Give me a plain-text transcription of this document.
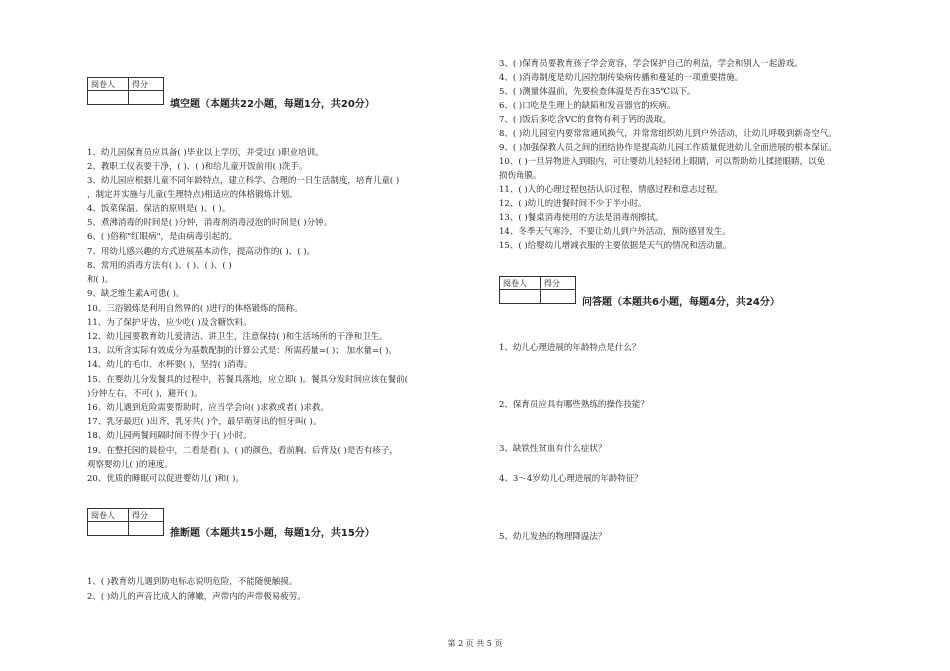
阅卷人	得分

填空题（本题共22小题，每题1分，共20分）
1、幼儿园保育员应具备( )毕业以上学历，并受过( )职业培训。
2、教职工仪表要干净，( )、( )和给儿童开饭前用( )洗手。
3、幼儿园应根据儿童不同年龄特点，建立科学、合理的一日生活制度，培育儿童( )
，制定并实施与儿童(生理特点)相适应的体格锻炼计划。
4、饭菜保温、保洁的原则是( )、( )。
5、煮沸消毒的时间是( )分钟，消毒剂消毒浸泡的时间是( )分钟。
6、( )俗称"红眼病"，是由病毒引起的。
7、用幼儿感兴趣的方式进展基本动作，提高动作的( )、( )。
8、常用的消毒方法有( )、( )、( )、( )
和( )。
9、缺乏维生素A可患( )。
10、三浴锻炼是利用自然界的( )进行的体格锻炼的简称。
11、为了保护牙齿，应少吃( )及含糖饮料。
12、幼儿园要教育幼儿爱清洁、讲卫生，注意保持( )和生活场所的干净和卫生。
13、以所含实际有效成分为基数配制的计算公式是：所需药量=( )； 加水量=( )。
14、幼儿的毛巾、水杯要( )，坚持( )消毒。
15、在婴幼儿分发餐具的过程中，若餐具落地，应立即( )。餐具分发时间应该在餐前(
)分钟左右，不可( )，避开( )。
16、幼儿遇到危险需要帮助时，应当学会向( )求救或者( )求救。
17、乳牙最迟( )出齐，乳牙共( )个，最早萌芽出的恒牙叫( )。
18、幼儿园两餐间隔时间不得少于( )小时。
19、在整托园的晨检中，二看是看( )、( )的颜色，看前胸、后背及( )是否有疹子，
观察婴幼儿( )的速度。
20、优质的睡眠可以促进婴幼儿( )和( )。
阅卷人	得分

推断题（本题共15小题，每题1分，共15分）
1、( )教育幼儿遇到防电标志说明危险，不能随便触摸。
2、( )幼儿的声音比成人的薄嫩，声带内的声带极易疲劳。
3、( )保育员要教育孩子学会宽容，学会保护自己的利益，学会和别人一起游戏。
4、( )消毒制度是幼儿园控制传染病传播和蔓延的一项重要措施。
5、( )测量体温前，先要检查体温是否在35℃以下。
6、( )口吃是生理上的缺陷和发音器官的疾病。
7、( )饭后多吃含VC的食物有利于钙的汲取。
8、( )幼儿园室内要常常通风换气，并常常组织幼儿到户外活动，让幼儿呼吸到新奇空气。
9、( )加强保教人员之间的团结协作是提高幼儿园工作质量促进幼儿全面进展的根本保证。
10、( )一旦异物进入到眼内，可让婴幼儿轻轻闭上眼睛，可以帮助幼儿揉搓眼睛，以免
损伤角膜。
11、( )人的心理过程包括认识过程、情感过程和意志过程。
12、( )幼儿的进餐时间不少于半小时。
13、( )餐桌消毒使用的方法是消毒剂擦拭。
14、冬季天气寒冷，不要让幼儿到户外活动，预防感冒发生。
15、( )给婴幼儿增减衣服的主要依据是天气的情况和活动量。
阅卷人	得分

问答题（本题共6小题，每题4分，共24分）
1、幼儿心理进展的年龄特点是什么？
2、保育员应具有哪些熟练的操作技能？
3、缺铁性贫血有什么症状？
4、3～4岁幼儿心理进展的年龄特征？
5、幼儿发热的物理降温法？
第 2 页 共 5 页
